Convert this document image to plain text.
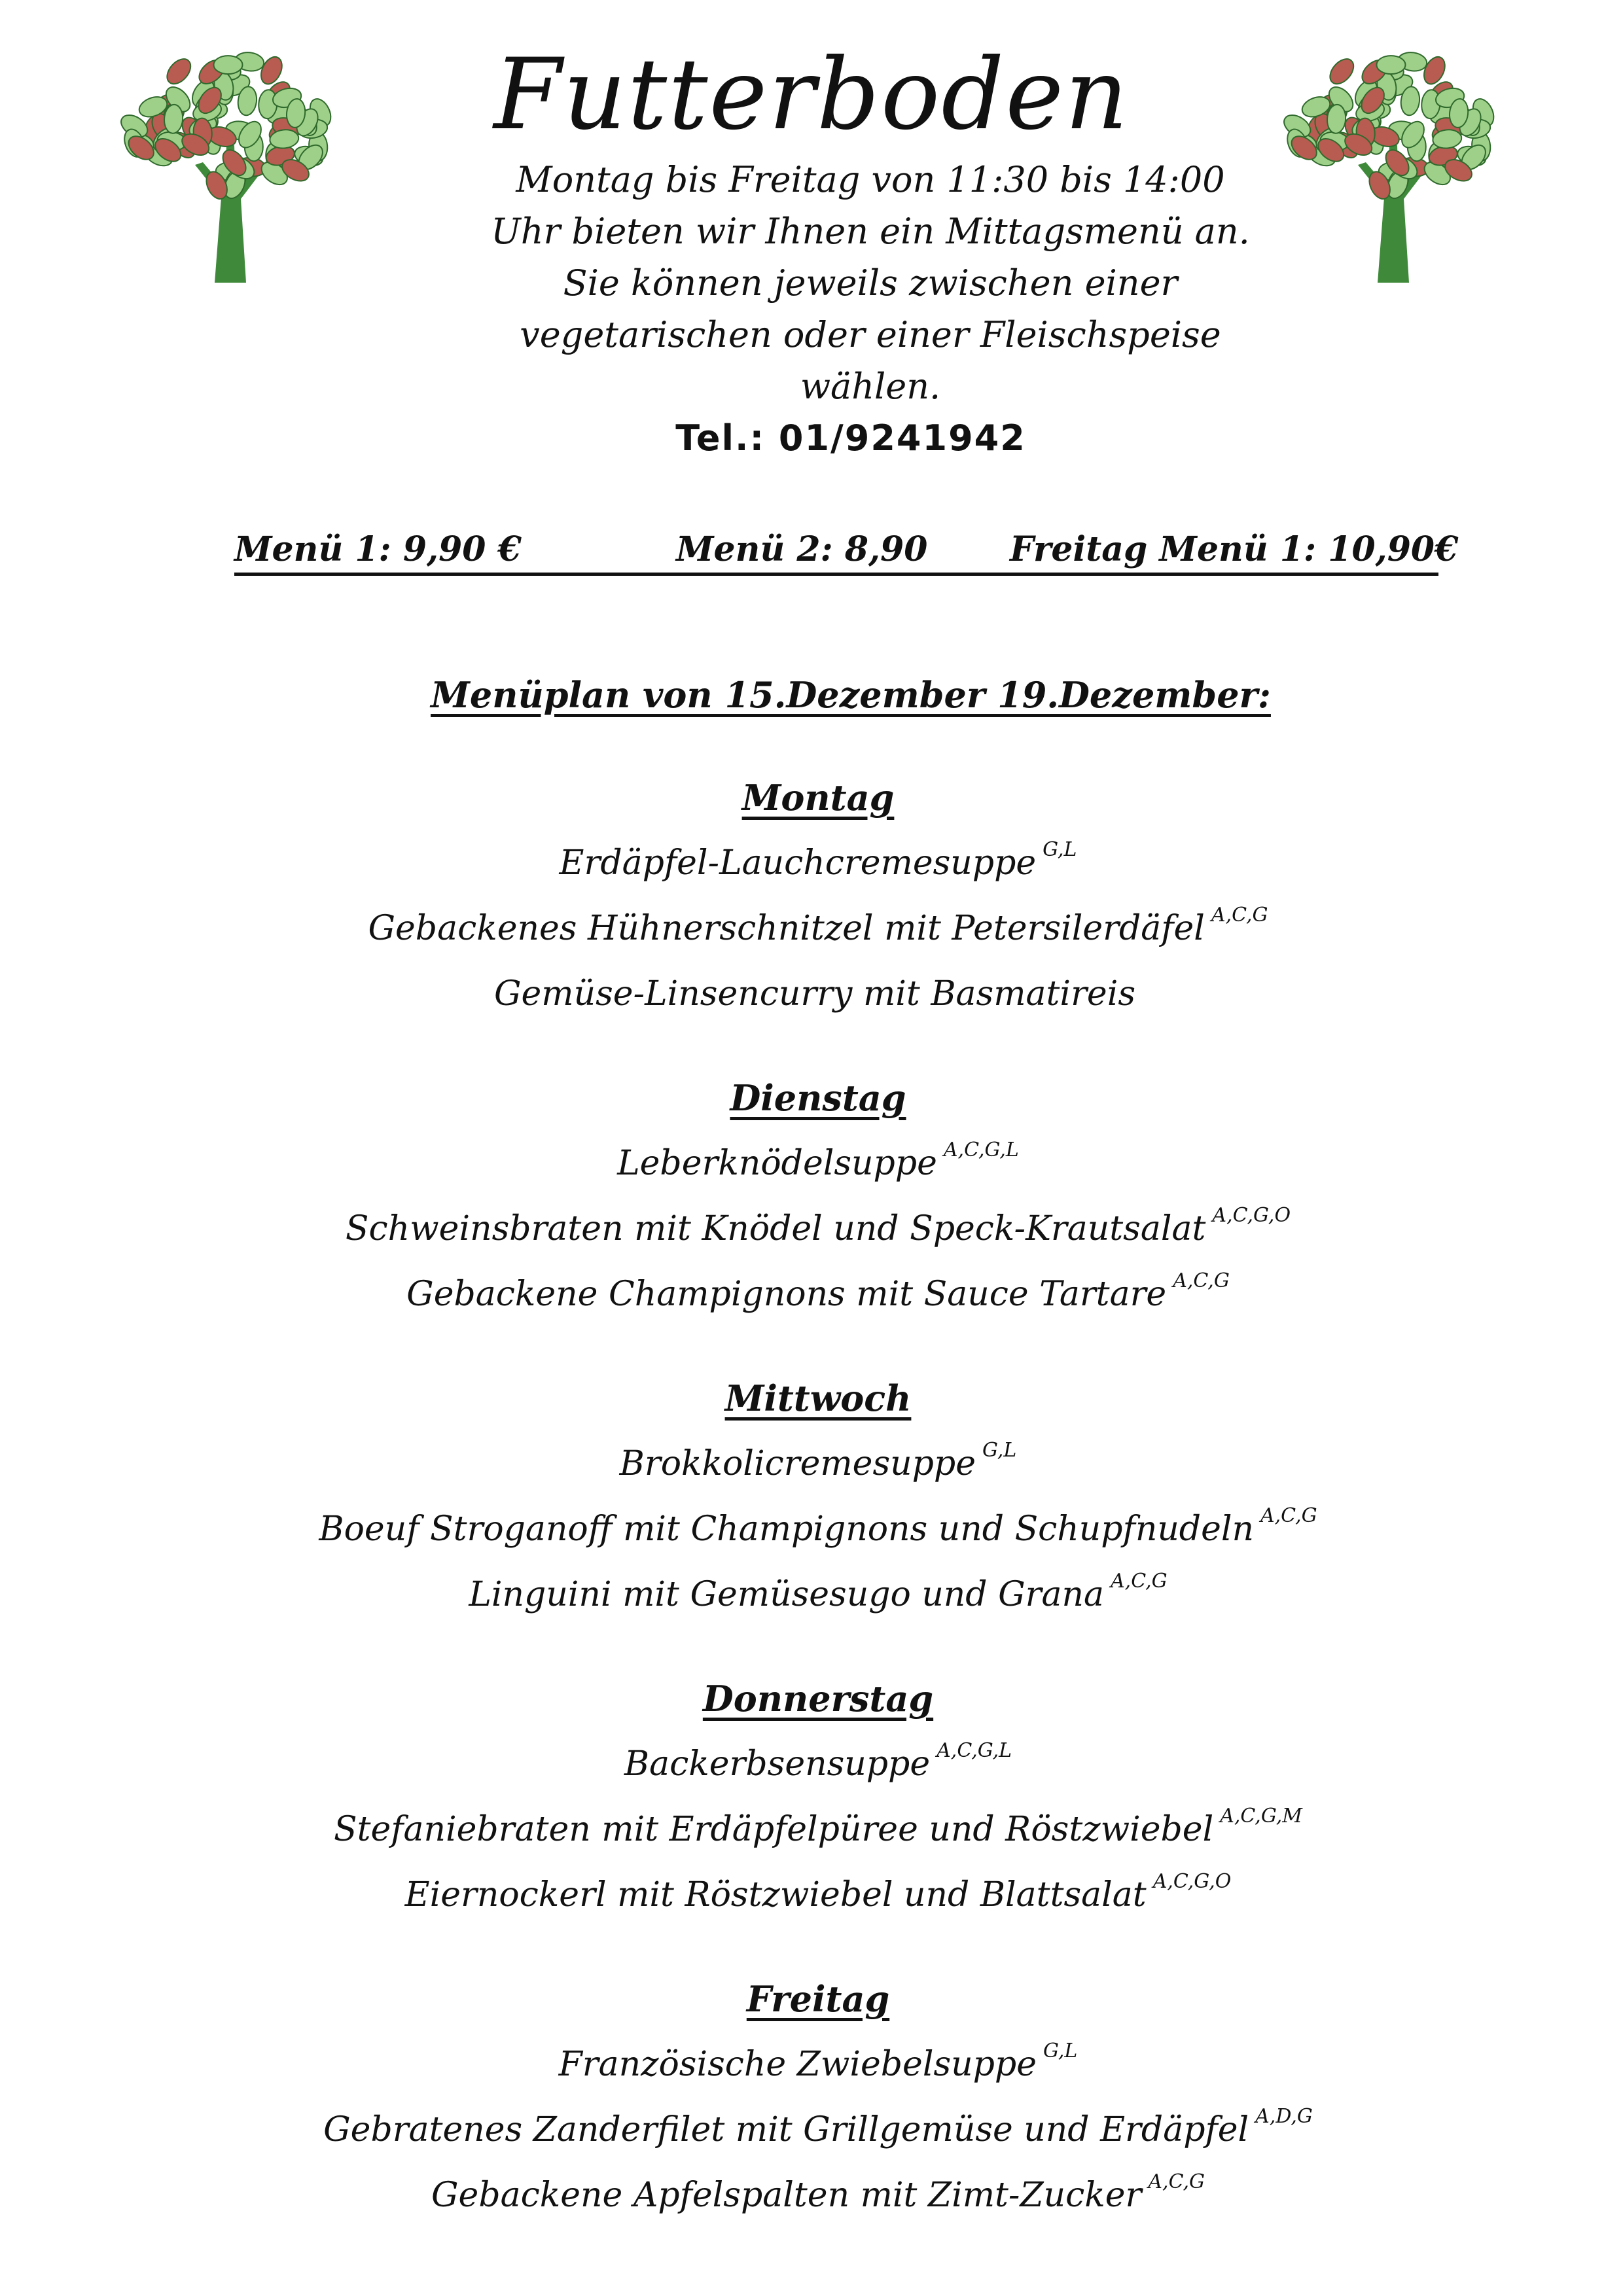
Futterboden
Montag bis Freitag von 11:30 bis 14:00
Uhr bieten wir Ihnen ein Mittagsmenü an.
Sie können jeweils zwischen einer
vegetarischen oder einer Fleischspeise
wählen.
Tel.: 01/9241942
Menü 1: 9,90 €	Menü 2: 8,90 Freitag Menü 1: 10,90€
Menüplan von 15.Dezember 19.Dezember:
Montag
Erdäpfel-Lauchcremesuppe $^{G,L}$
Gebackenes Hühnerschnitzel mit Petersilerdäfel $^{A,C,G}$
Gemüse-Linsencurry mit Basmatireis
Dienstag
Leberknödelsuppe $^{A,C,G,L}$
Schweinsbraten mit Knödel und Speck-Krautsalat $^{A,C,G,O}$
Gebackene Champignons mit Sauce Tartare $^{A,C,G}$
Mittwoch
Brokkolicremesuppe $^{G,L}$
Boeuf Stroganoff mit Champignons und Schupfnudeln $^{A,C,G}$
Linguini mit Gemüsesugo und Grana $^{A,C,G}$
Donnerstag
Backerbsensuppe $^{A,C,G,L}$
Stefaniebraten mit Erdäpfelpüree und Röstzwiebel $^{A,C,G,M}$
Eiernockerl mit Röstzwiebel und Blattsalat $^{A,C,G,O}$
Freitag
Französische Zwiebelsuppe $^{G,L}$
Gebratenes Zanderfilet mit Grillgemüse und Erdäpfel $^{A,D,G}$
Gebackene Apfelspalten mit Zimt-Zucker $^{A,C,G}$
